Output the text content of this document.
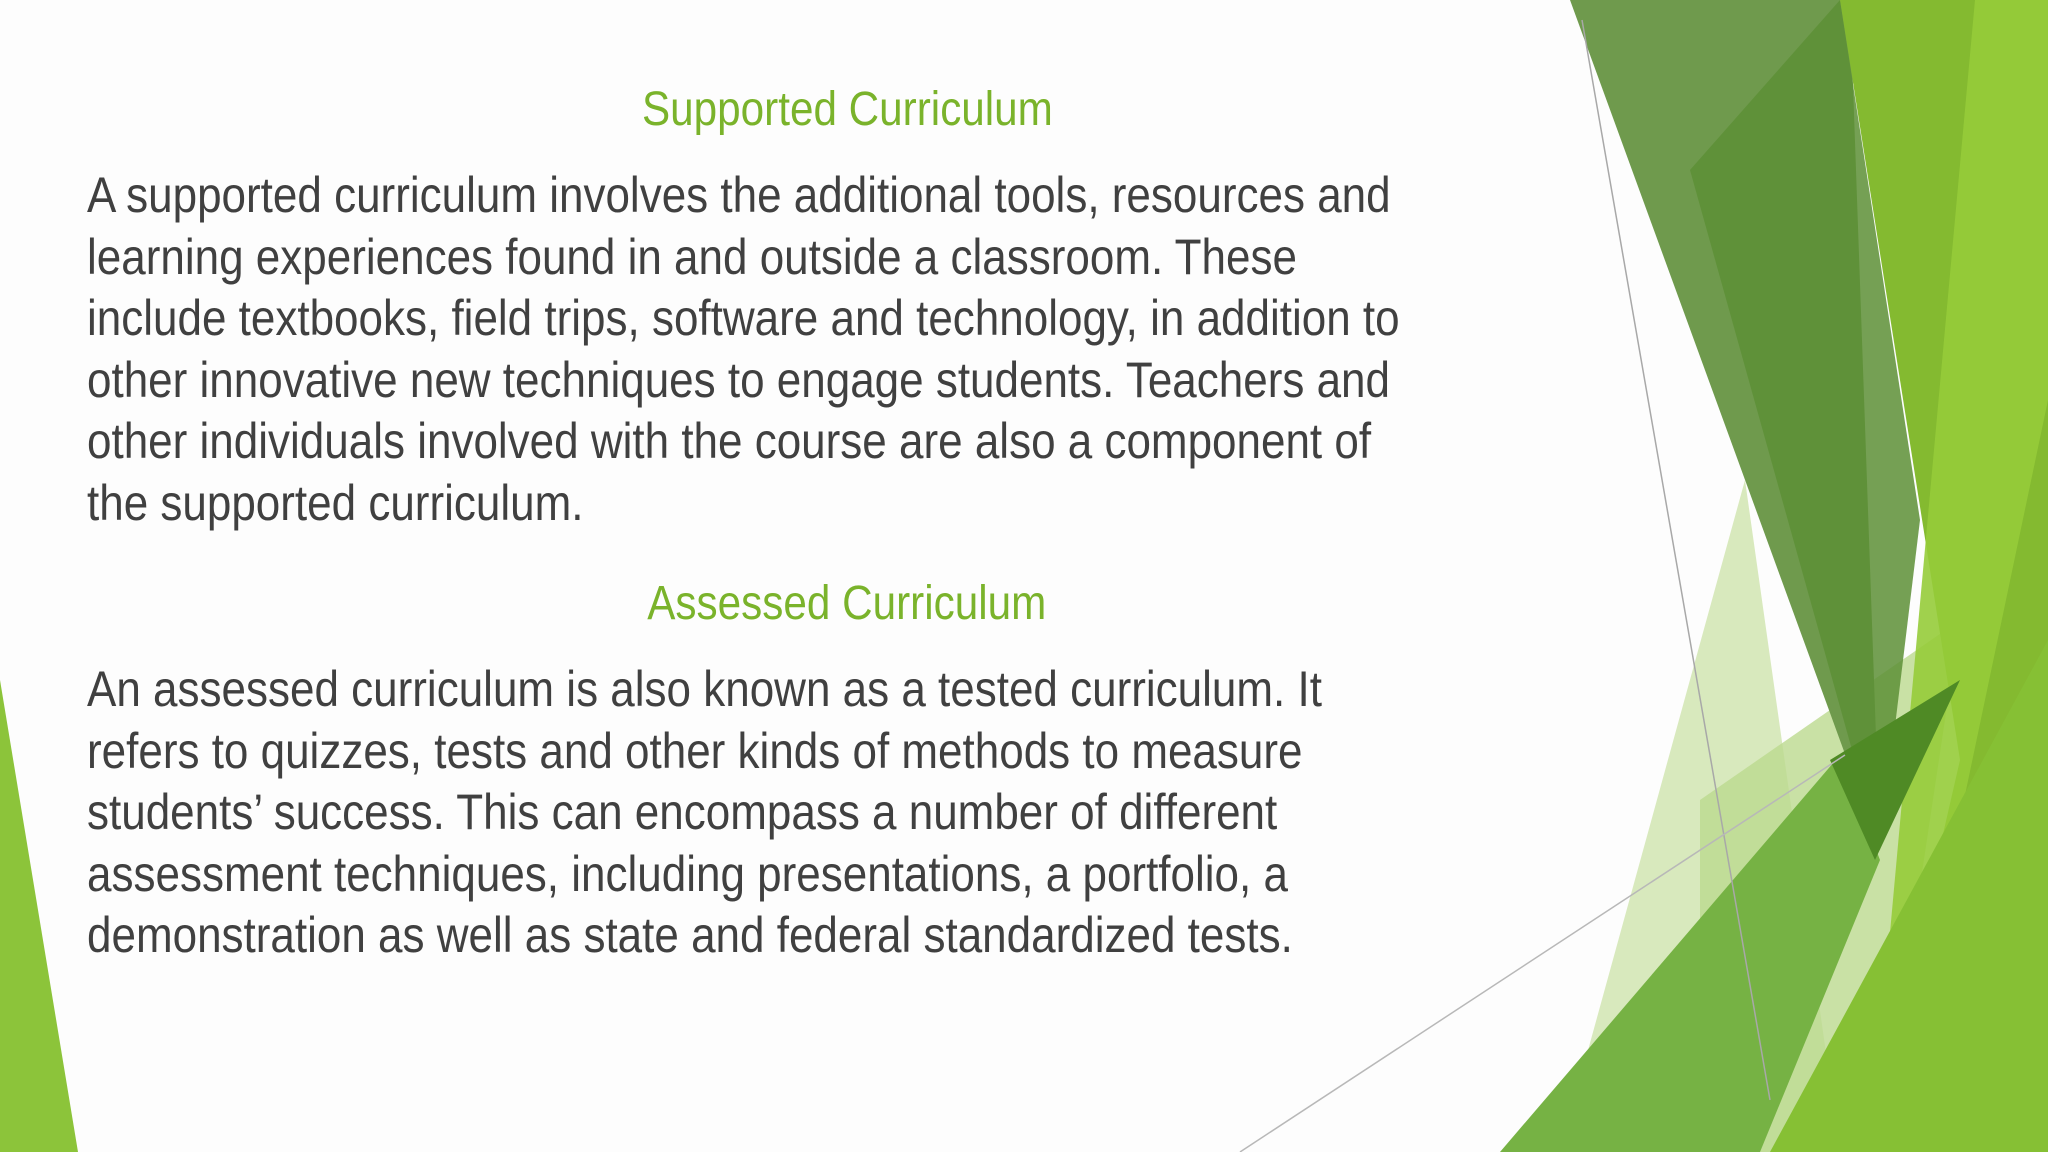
Supported Curriculum

A supported curriculum involves the additional tools, resources and learning experiences found in and outside a classroom. These include textbooks, field trips, software and technology, in addition to other innovative new techniques to engage students. Teachers and other individuals involved with the course are also a component of the supported curriculum.

Assessed Curriculum

An assessed curriculum is also known as a tested curriculum. It refers to quizzes, tests and other kinds of methods to measure students’ success. This can encompass a number of different assessment techniques, including presentations, a portfolio, a demonstration as well as state and federal standardized tests.
